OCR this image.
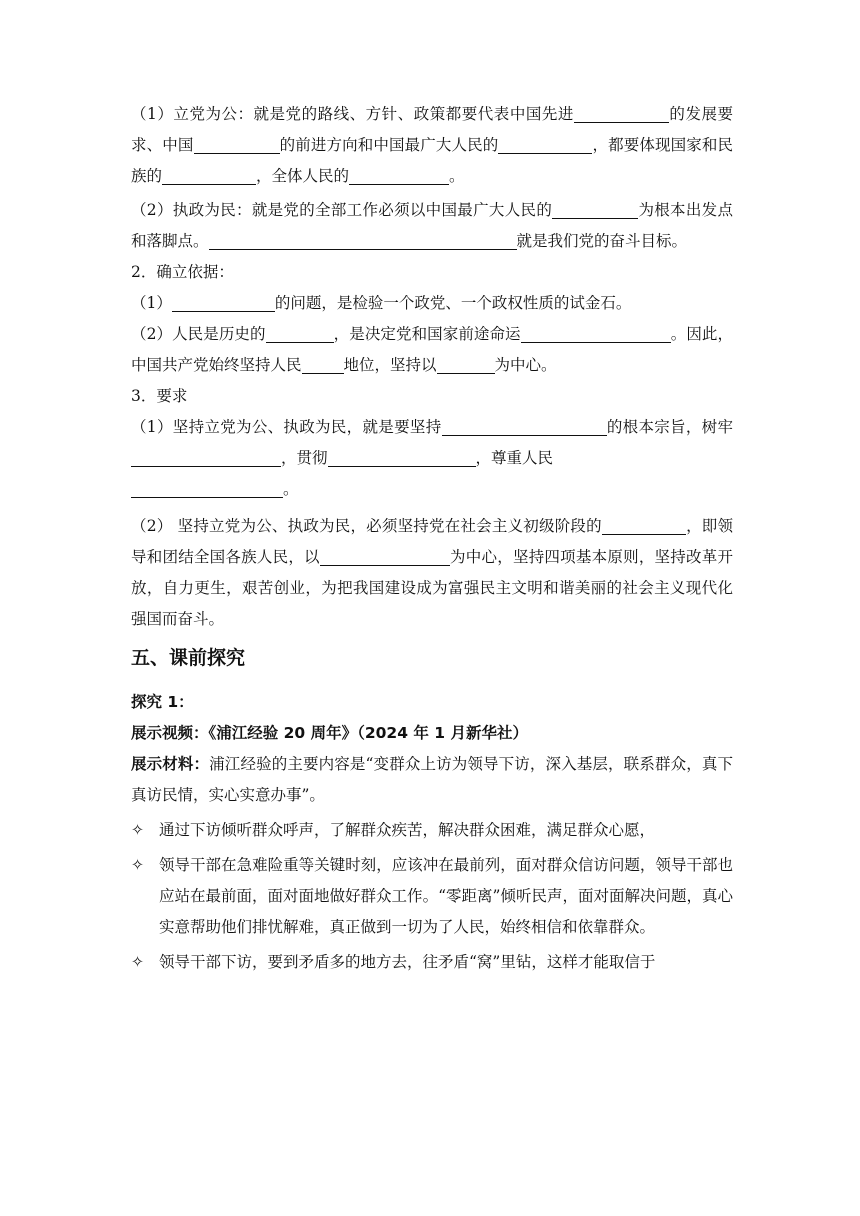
（1）立党为公：就是党的路线、方针、政策都要代表中国先进	的发展要求、中国	的前进方向和中国最广大人民的	，都要体现国家和民族的	，全体人民的	。

（2）执政为民：就是党的全部工作必须以中国最广大人民的	为根本出发点和落脚点。	就是我们党的奋斗目标。

2．确立依据：

（1）	的问题，是检验一个政党、一个政权性质的试金石。

（2）人民是历史的	，是决定党和国家前途命运	。因此，中国共产党始终坚持人民	地位，坚持以	为中心。

3．要求

（1）坚持立党为公、执政为民，就是要坚持	的根本宗旨，树牢，贯彻	，尊重人民
。

（2） 坚持立党为公、执政为民，必须坚持党在社会主义初级阶段的	，即领导和团结全国各族人民，以	为中心，坚持四项基本原则，坚持改革开放，自力更生，艰苦创业，为把我国建设成为富强民主文明和谐美丽的社会主义现代化强国而奋斗。

五、课前探究

探究 1：

展示视频：《浦江经验 20 周年》（2024 年 1 月新华社）

展示材料：浦江经验的主要内容是“变群众上访为领导下访，深入基层，联系群众，真下真访民情，实心实意办事”。

✧ 通过下访倾听群众呼声，了解群众疾苦，解决群众困难，满足群众心愿，

✧ 领导干部在急难险重等关键时刻，应该冲在最前列，面对群众信访问题，领导干部也应站在最前面，面对面地做好群众工作。“零距离”倾听民声，面对面解决问题，真心实意帮助他们排忧解难，真正做到一切为了人民，始终相信和依靠群众。

✧ 领导干部下访，要到矛盾多的地方去，往矛盾“窝”里钻，这样才能取信于
